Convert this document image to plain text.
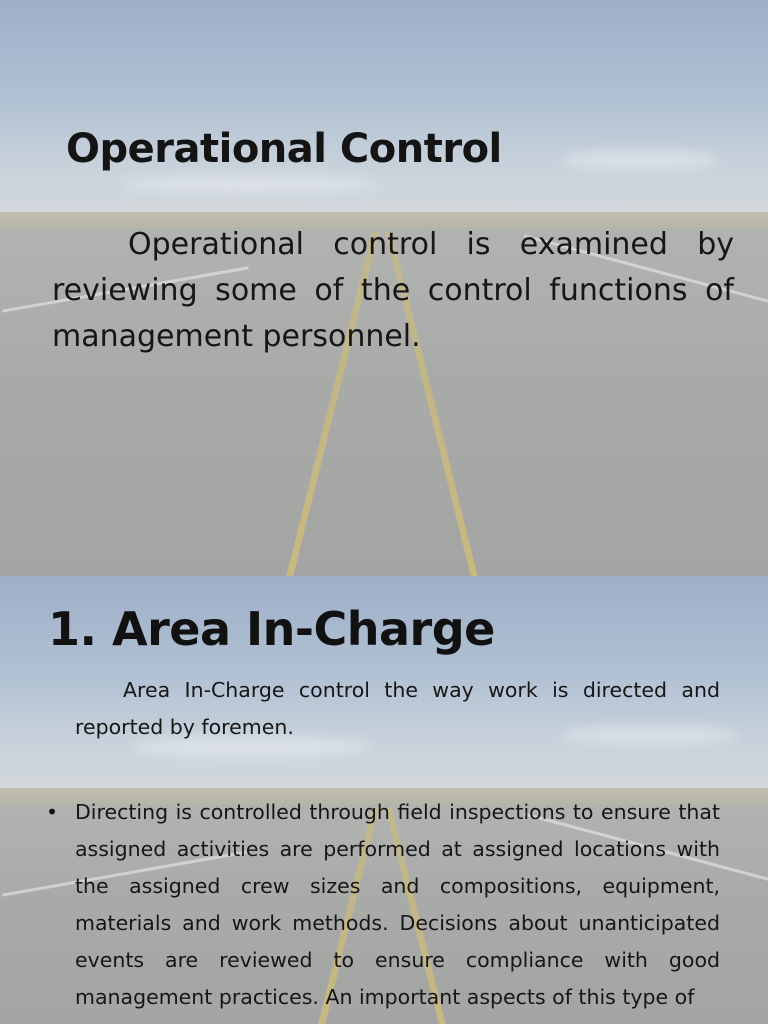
Operational Control

Operational control is examined by reviewing some of the control functions of management personnel.

1. Area In-Charge

Area In-Charge control the way work is directed and reported by foremen.

• Directing is controlled through field inspections to ensure that assigned activities are performed at assigned locations with the assigned crew sizes and compositions, equipment, materials and work methods. Decisions about unanticipated events are reviewed to ensure compliance with good management practices. An important aspects of this type of
